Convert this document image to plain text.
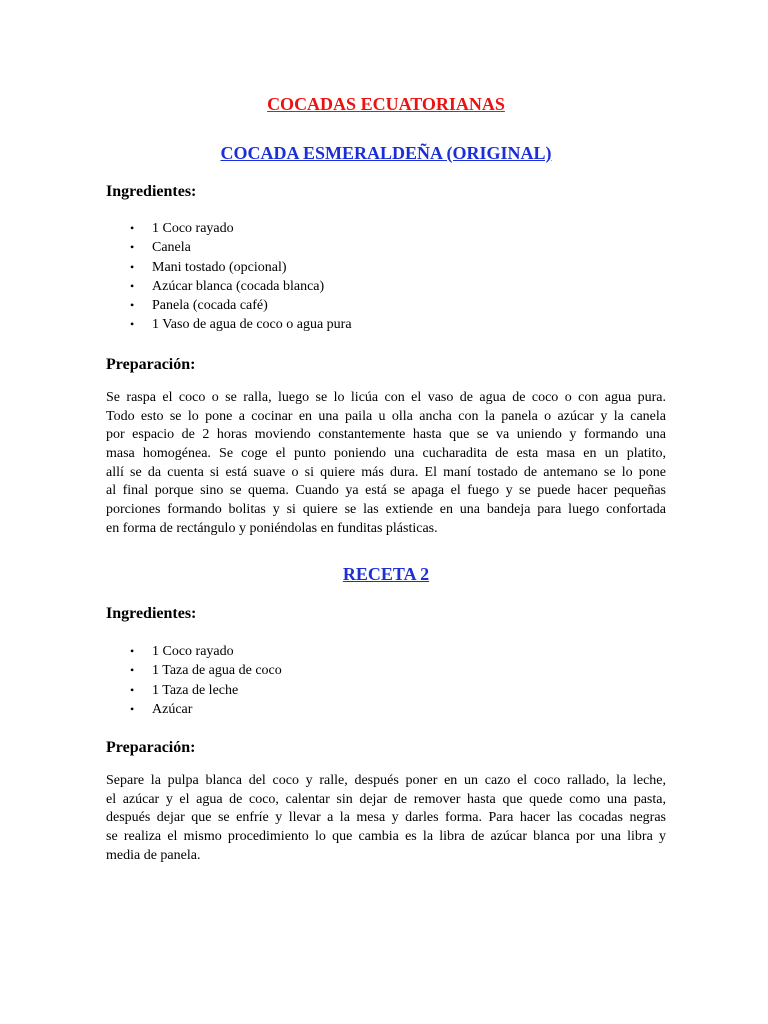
COCADAS ECUATORIANAS
COCADA ESMERALDEÑA (ORIGINAL)
Ingredientes:
• 1 Coco rayado
• Canela
• Mani tostado (opcional)
• Azúcar blanca (cocada blanca)
• Panela (cocada café)
• 1 Vaso de agua de coco o agua pura
Preparación:

Se raspa el coco o se ralla, luego se lo licúa con el vaso de agua de coco o con agua pura.
Todo esto se lo pone a cocinar en una paila u olla ancha con la panela o azúcar y la canela
por espacio de 2 horas moviendo constantemente hasta que se va uniendo y formando una
masa homogénea. Se coge el punto poniendo una cucharadita de esta masa en un platito,
allí se da cuenta si está suave o si quiere más dura. El maní tostado de antemano se lo pone
al final porque sino se quema. Cuando ya está se apaga el fuego y se puede hacer pequeñas
porciones formando bolitas y si quiere se las extiende en una bandeja para luego confortada
en forma de rectángulo y poniéndolas en funditas plásticas.

RECETA 2
Ingredientes:
• 1 Coco rayado
• 1 Taza de agua de coco
• 1 Taza de leche
• Azúcar
Preparación:

Separe la pulpa blanca del coco y ralle, después poner en un cazo el coco rallado, la leche,
el azúcar y el agua de coco, calentar sin dejar de remover hasta que quede como una pasta,
después dejar que se enfríe y llevar a la mesa y darles forma. Para hacer las cocadas negras
se realiza el mismo procedimiento lo que cambia es la libra de azúcar blanca por una libra y
media de panela.
